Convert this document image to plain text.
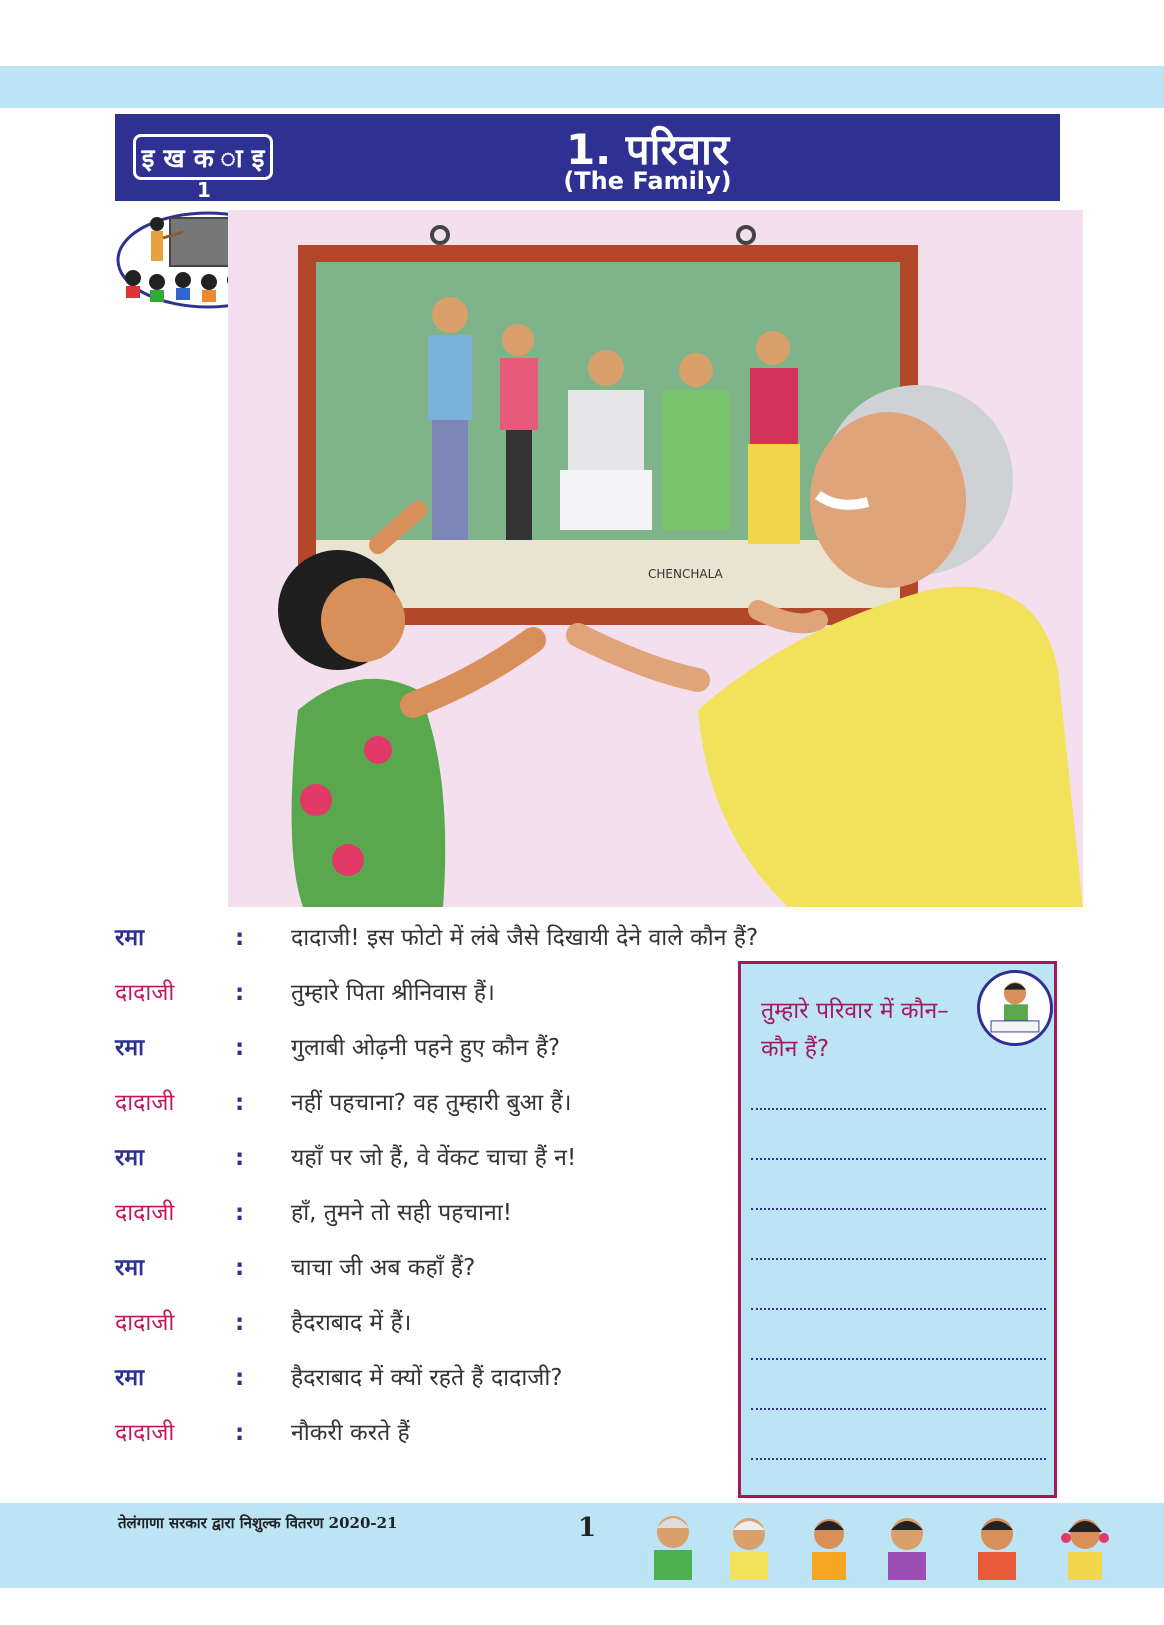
इ ख क ा इ
1
1. परिवार
(The Family)
CHENCHALA
रमा	: दादाजी! इस फोटो में लंबे जैसे दिखायी देने वाले कौन हैं?
दादाजी	: तुम्हारे पिता श्रीनिवास हैं।
रमा	: गुलाबी ओढ़नी पहने हुए कौन हैं?
दादाजी	: नहीं पहचाना? वह तुम्हारी बुआ हैं।
रमा	: यहाँ पर जो हैं, वे वेंकट चाचा हैं न!
दादाजी	: हाँ, तुमने तो सही पहचाना!
रमा	: चाचा जी अब कहाँ हैं?
दादाजी	: हैदराबाद में हैं।
रमा	: हैदराबाद में क्यों रहते हैं दादाजी?
दादाजी	: नौकरी करते हैं
तुम्हारे परिवार में कौन–कौन हैं?
तेलंगाणा सरकार द्वारा निशुल्क वितरण 2020-21	1
